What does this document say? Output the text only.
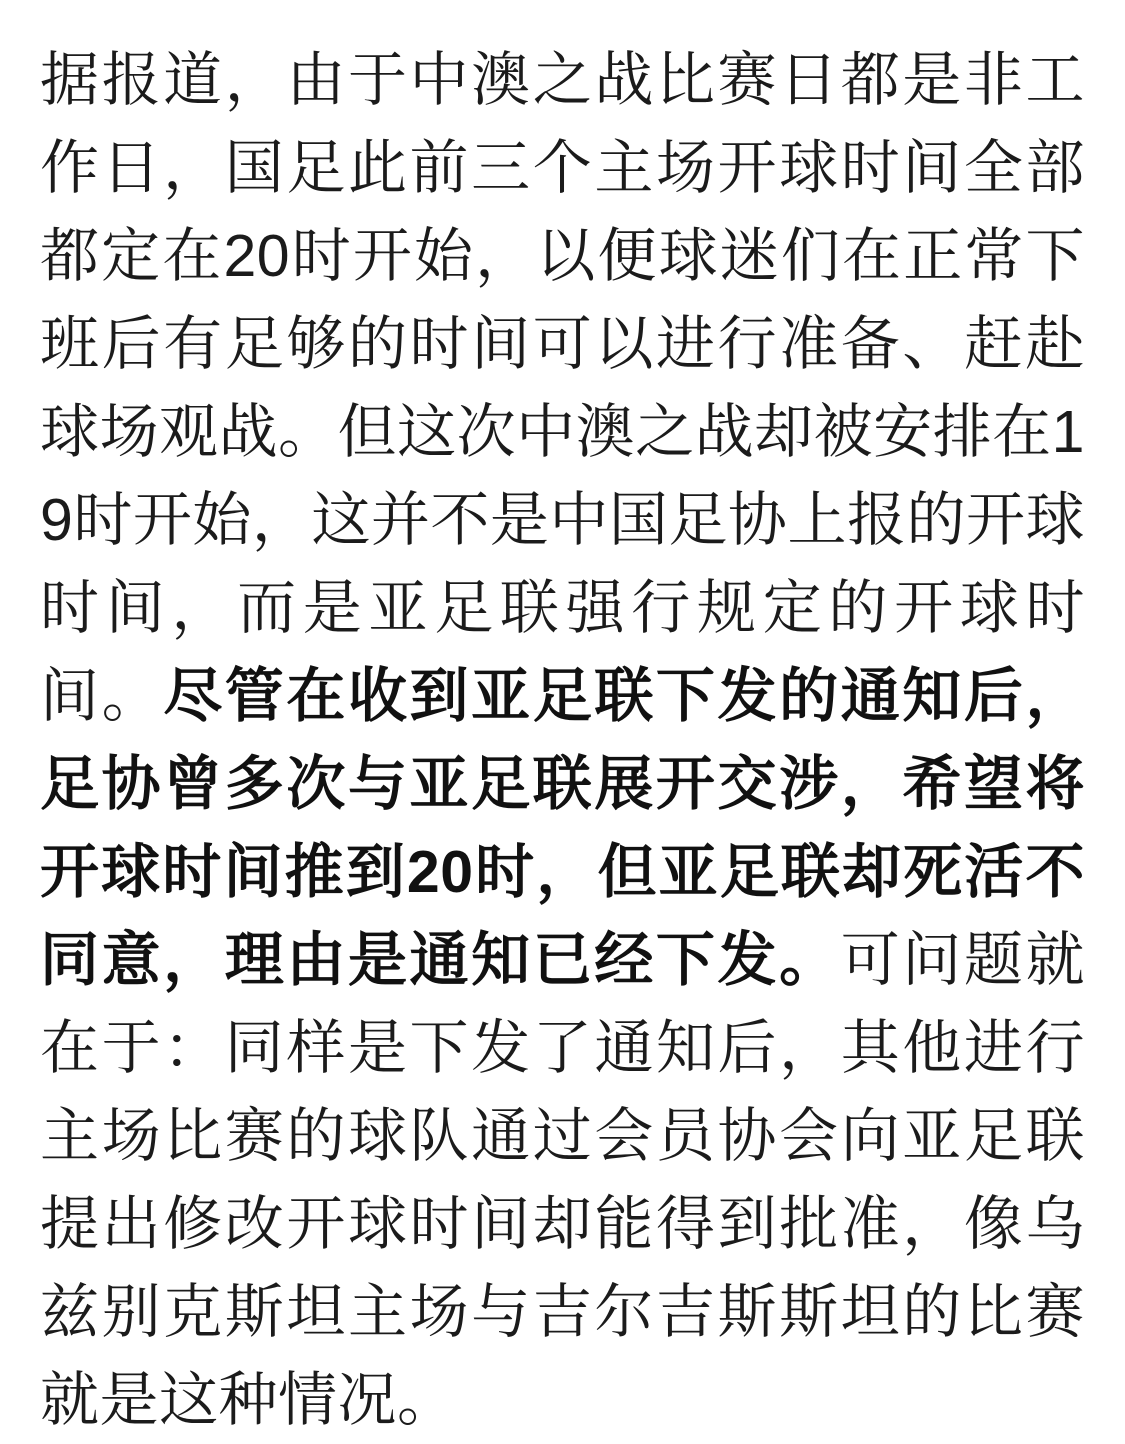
据报道，由于中澳之战比赛日都是非工作日，国足此前三个主场开球时间全部都定在20时开始，以便球迷们在正常下班后有足够的时间可以进行准备、赶赴球场观战。但这次中澳之战却被安排在19时开始，这并不是中国足协上报的开球时间，而是亚足联强行规定的开球时间。尽管在收到亚足联下发的通知后，足协曾多次与亚足联展开交涉，希望将开球时间推到20时，但亚足联却死活不同意，理由是通知已经下发。可问题就在于：同样是下发了通知后，其他进行主场比赛的球队通过会员协会向亚足联提出修改开球时间却能得到批准，像乌兹别克斯坦主场与吉尔吉斯斯坦的比赛就是这种情况。
